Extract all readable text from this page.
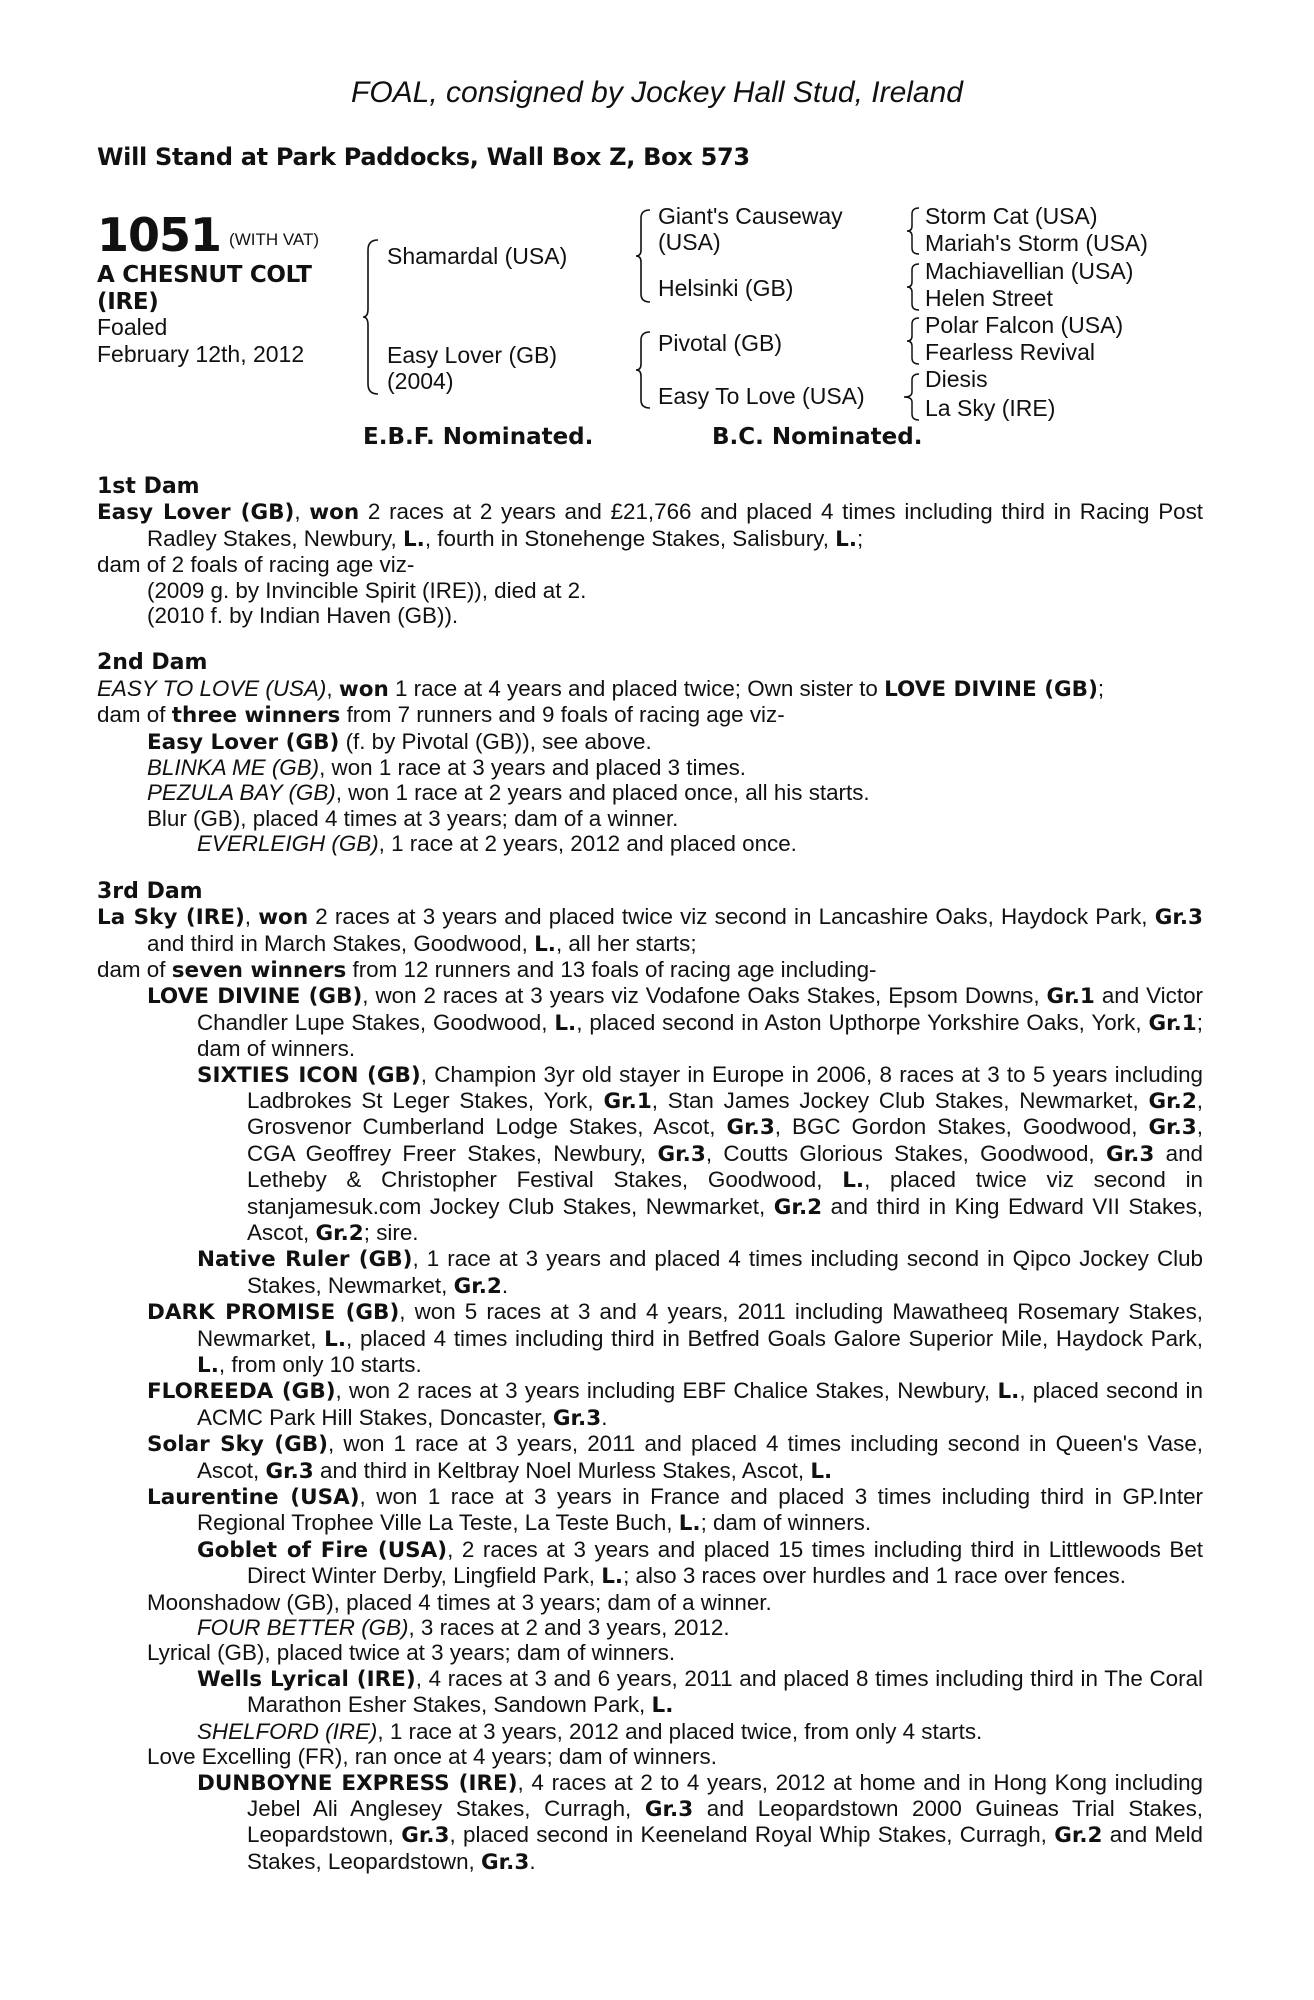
FOAL, consigned by Jockey Hall Stud, Ireland
Will Stand at Park Paddocks, Wall Box Z, Box 573
1051 (WITH VAT)
A CHESNUT COLT
(IRE)
Foaled
February 12th, 2012
Shamardal (USA)
Easy Lover (GB)
(2004)
Giant's Causeway
(USA)
Helsinki (GB)
Pivotal (GB)
Easy To Love (USA)
Storm Cat (USA)
Mariah's Storm (USA)
Machiavellian (USA)
Helen Street
Polar Falcon (USA)
Fearless Revival
Diesis
La Sky (IRE)
E.B.F. Nominated.	B.C. Nominated.
1st Dam
Easy Lover (GB), won 2 races at 2 years and £21,766 and placed 4 times including third in Racing Post Radley Stakes, Newbury, L., fourth in Stonehenge Stakes, Salisbury, L.;
dam of 2 foals of racing age viz-
(2009 g. by Invincible Spirit (IRE)), died at 2.
(2010 f. by Indian Haven (GB)).
2nd Dam
EASY TO LOVE (USA), won 1 race at 4 years and placed twice; Own sister to LOVE DIVINE (GB);
dam of three winners from 7 runners and 9 foals of racing age viz-
Easy Lover (GB) (f. by Pivotal (GB)), see above.
BLINKA ME (GB), won 1 race at 3 years and placed 3 times.
PEZULA BAY (GB), won 1 race at 2 years and placed once, all his starts.
Blur (GB), placed 4 times at 3 years; dam of a winner.
EVERLEIGH (GB), 1 race at 2 years, 2012 and placed once.
3rd Dam
La Sky (IRE), won 2 races at 3 years and placed twice viz second in Lancashire Oaks, Haydock Park, Gr.3 and third in March Stakes, Goodwood, L., all her starts;
dam of seven winners from 12 runners and 13 foals of racing age including-
LOVE DIVINE (GB), won 2 races at 3 years viz Vodafone Oaks Stakes, Epsom Downs, Gr.1 and Victor Chandler Lupe Stakes, Goodwood, L., placed second in Aston Upthorpe Yorkshire Oaks, York, Gr.1; dam of winners.
SIXTIES ICON (GB), Champion 3yr old stayer in Europe in 2006, 8 races at 3 to 5 years including Ladbrokes St Leger Stakes, York, Gr.1, Stan James Jockey Club Stakes, Newmarket, Gr.2, Grosvenor Cumberland Lodge Stakes, Ascot, Gr.3, BGC Gordon Stakes, Goodwood, Gr.3, CGA Geoffrey Freer Stakes, Newbury, Gr.3, Coutts Glorious Stakes, Goodwood, Gr.3 and Letheby & Christopher Festival Stakes, Goodwood, L., placed twice viz second in stanjamesuk.com Jockey Club Stakes, Newmarket, Gr.2 and third in King Edward VII Stakes, Ascot, Gr.2; sire.
Native Ruler (GB), 1 race at 3 years and placed 4 times including second in Qipco Jockey Club Stakes, Newmarket, Gr.2.
DARK PROMISE (GB), won 5 races at 3 and 4 years, 2011 including Mawatheeq Rosemary Stakes, Newmarket, L., placed 4 times including third in Betfred Goals Galore Superior Mile, Haydock Park, L., from only 10 starts.
FLOREEDA (GB), won 2 races at 3 years including EBF Chalice Stakes, Newbury, L., placed second in ACMC Park Hill Stakes, Doncaster, Gr.3.
Solar Sky (GB), won 1 race at 3 years, 2011 and placed 4 times including second in Queen's Vase, Ascot, Gr.3 and third in Keltbray Noel Murless Stakes, Ascot, L.
Laurentine (USA), won 1 race at 3 years in France and placed 3 times including third in GP.Inter Regional Trophee Ville La Teste, La Teste Buch, L.; dam of winners.
Goblet of Fire (USA), 2 races at 3 years and placed 15 times including third in Littlewoods Bet Direct Winter Derby, Lingfield Park, L.; also 3 races over hurdles and 1 race over fences.
Moonshadow (GB), placed 4 times at 3 years; dam of a winner.
FOUR BETTER (GB), 3 races at 2 and 3 years, 2012.
Lyrical (GB), placed twice at 3 years; dam of winners.
Wells Lyrical (IRE), 4 races at 3 and 6 years, 2011 and placed 8 times including third in The Coral Marathon Esher Stakes, Sandown Park, L.
SHELFORD (IRE), 1 race at 3 years, 2012 and placed twice, from only 4 starts.
Love Excelling (FR), ran once at 4 years; dam of winners.
DUNBOYNE EXPRESS (IRE), 4 races at 2 to 4 years, 2012 at home and in Hong Kong including Jebel Ali Anglesey Stakes, Curragh, Gr.3 and Leopardstown 2000 Guineas Trial Stakes, Leopardstown, Gr.3, placed second in Keeneland Royal Whip Stakes, Curragh, Gr.2 and Meld Stakes, Leopardstown, Gr.3.
